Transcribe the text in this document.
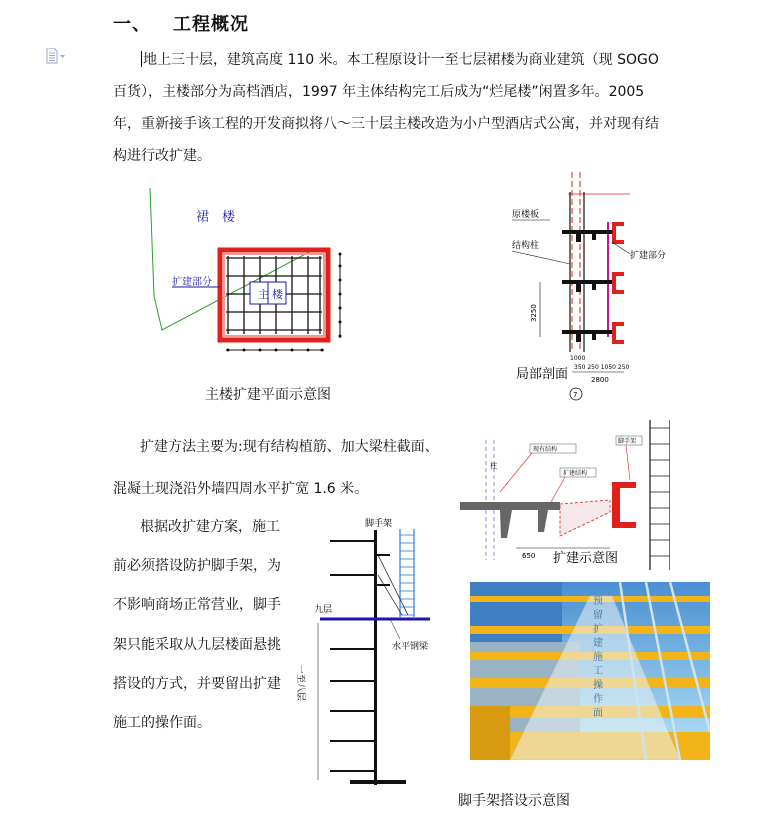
一、 工程概况
地上三十层，建筑高度 110 米。本工程原设计一至七层裙楼为商业建筑（现 SOGO 百货），主楼部分为高档酒店，1997 年主体结构完工后成为“烂尾楼”闲置多年。2005 年，重新接手该工程的开发商拟将八～三十层主楼改造为小户型酒店式公寓，并对现有结构进行改扩建。
主 楼
裙　楼
扩建部分
主楼扩建平面示意图
原楼板
结构柱
扩建部分
3250
1000
350 250 1050 250
2800
局部剖面
7
扩建方法主要为:现有结构植筋、加大梁柱截面、
混凝土现浇沿外墙四周水平扩宽 1.6 米。
柱
现有结构
扩建结构
脚手架
650 扩建示意图
根据改扩建方案，施工
前必须搭设防护脚手架，为
不影响商场正常营业，脚手
架只能采取从九层楼面悬挑
搭设的方式，并要留出扩建
施工的操作面。
脚手架
九层
水平钢梁
一至八层
预
留
扩
建
施
工
操
作
面
脚手架搭设示意图
